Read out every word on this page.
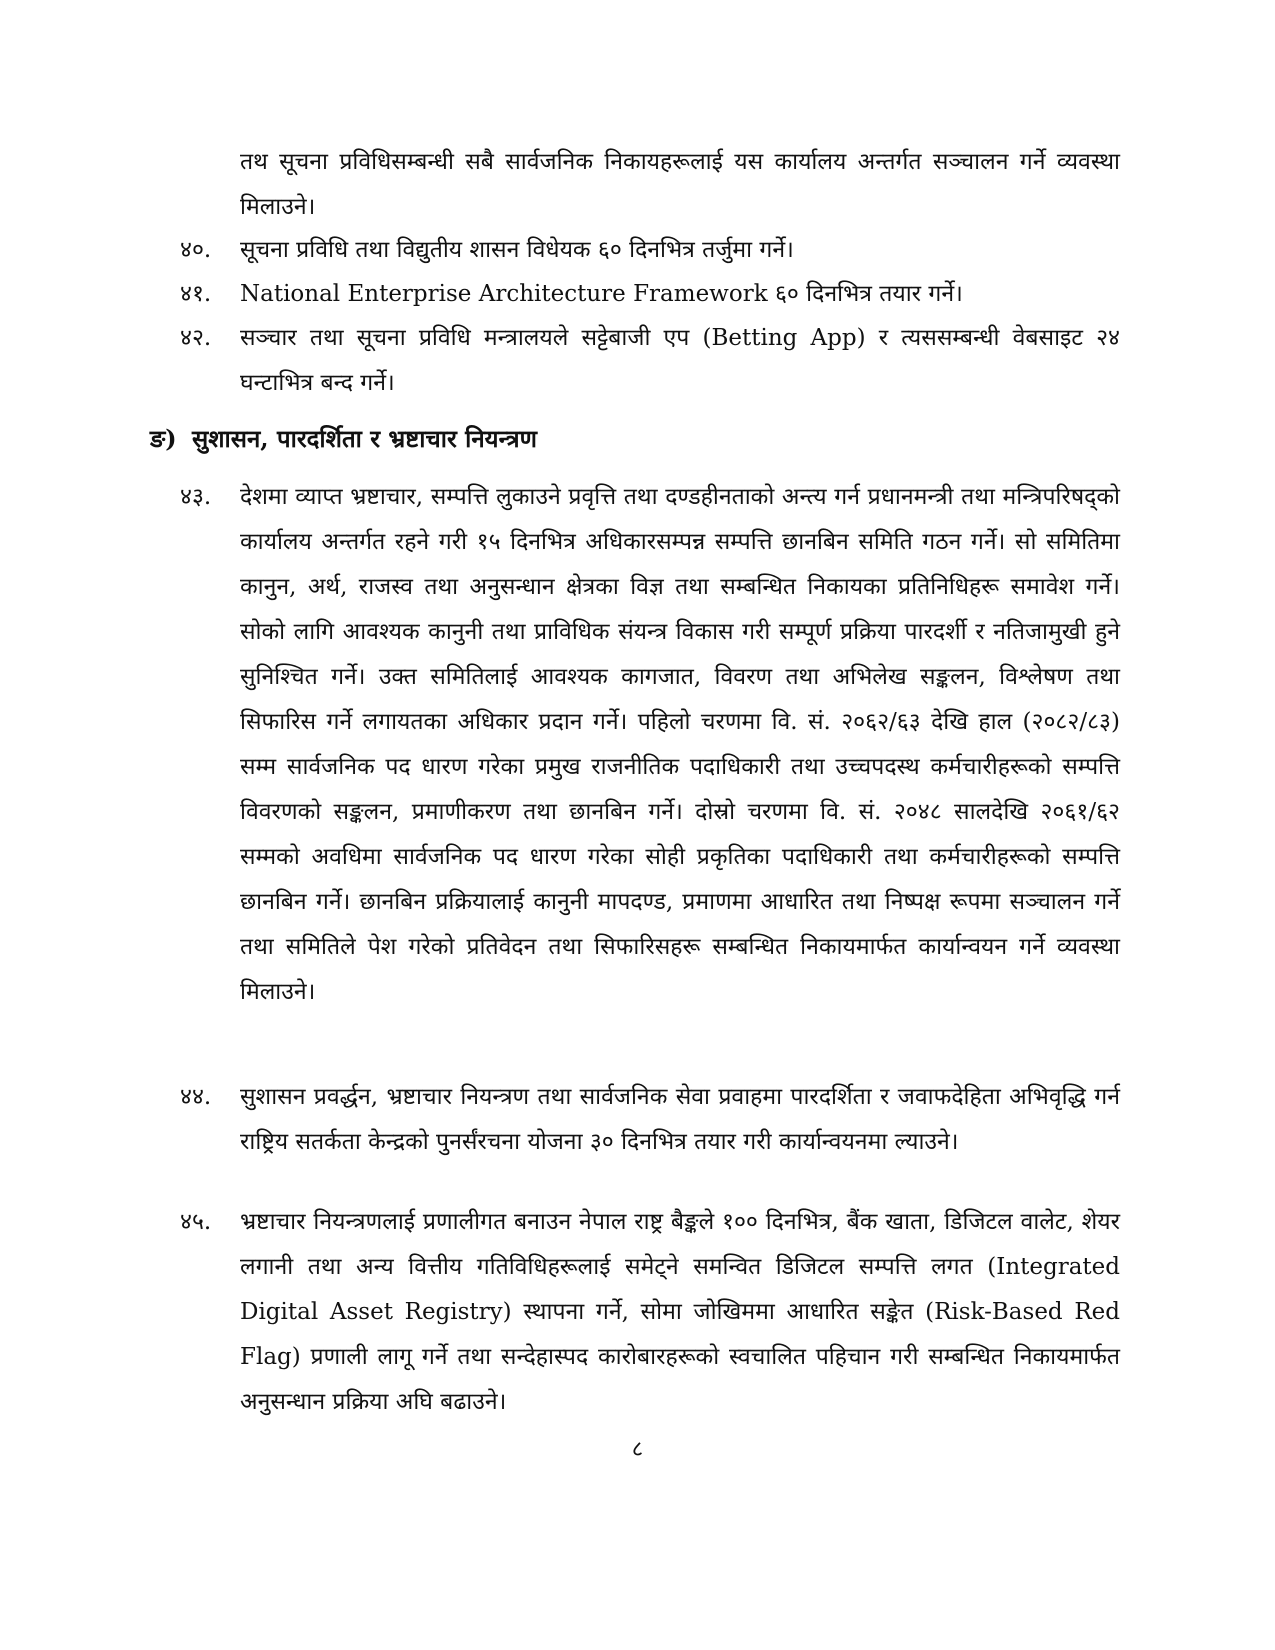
तथ सूचना प्रविधिसम्बन्धी सबै सार्वजनिक निकायहरूलाई यस कार्यालय अन्तर्गत सञ्चालन गर्ने व्यवस्था मिलाउने।
४०.	सूचना प्रविधि तथा विद्युतीय शासन विधेयक ६० दिनभित्र तर्जुमा गर्ने।
४१.	National Enterprise Architecture Framework ६० दिनभित्र तयार गर्ने।
४२.	सञ्चार तथा सूचना प्रविधि मन्त्रालयले सट्टेबाजी एप (Betting App) र त्यससम्बन्धी वेबसाइट २४ घन्टाभित्र बन्द गर्ने।
ङ) सुशासन, पारदर्शिता र भ्रष्टाचार नियन्त्रण
४३.	देशमा व्याप्त भ्रष्टाचार, सम्पत्ति लुकाउने प्रवृत्ति तथा दण्डहीनताको अन्त्य गर्न प्रधानमन्त्री तथा मन्त्रिपरिषद्को कार्यालय अन्तर्गत रहने गरी १५ दिनभित्र अधिकारसम्पन्न सम्पत्ति छानबिन समिति गठन गर्ने। सो समितिमा कानुन, अर्थ, राजस्व तथा अनुसन्धान क्षेत्रका विज्ञ तथा सम्बन्धित निकायका प्रतिनिधिहरू समावेश गर्ने। सोको लागि आवश्यक कानुनी तथा प्राविधिक संयन्त्र विकास गरी सम्पूर्ण प्रक्रिया पारदर्शी र नतिजामुखी हुने सुनिश्चित गर्ने। उक्त समितिलाई आवश्यक कागजात, विवरण तथा अभिलेख सङ्कलन, विश्लेषण तथा सिफारिस गर्ने लगायतका अधिकार प्रदान गर्ने। पहिलो चरणमा वि. सं. २०६२/६३ देखि हाल (२०८२/८३) सम्म सार्वजनिक पद धारण गरेका प्रमुख राजनीतिक पदाधिकारी तथा उच्चपदस्थ कर्मचारीहरूको सम्पत्ति विवरणको सङ्कलन, प्रमाणीकरण तथा छानबिन गर्ने। दोस्रो चरणमा वि. सं. २०४८ सालदेखि २०६१/६२ सम्मको अवधिमा सार्वजनिक पद धारण गरेका सोही प्रकृतिका पदाधिकारी तथा कर्मचारीहरूको सम्पत्ति छानबिन गर्ने। छानबिन प्रक्रियालाई कानुनी मापदण्ड, प्रमाणमा आधारित तथा निष्पक्ष रूपमा सञ्चालन गर्ने तथा समितिले पेश गरेको प्रतिवेदन तथा सिफारिसहरू सम्बन्धित निकायमार्फत कार्यान्वयन गर्ने व्यवस्था मिलाउने।
४४.	सुशासन प्रवर्द्धन, भ्रष्टाचार नियन्त्रण तथा सार्वजनिक सेवा प्रवाहमा पारदर्शिता र जवाफदेहिता अभिवृद्धि गर्न राष्ट्रिय सतर्कता केन्द्रको पुनर्संरचना योजना ३० दिनभित्र तयार गरी कार्यान्वयनमा ल्याउने।
४५.	भ्रष्टाचार नियन्त्रणलाई प्रणालीगत बनाउन नेपाल राष्ट्र बैङ्कले १०० दिनभित्र, बैंक खाता, डिजिटल वालेट, शेयर लगानी तथा अन्य वित्तीय गतिविधिहरूलाई समेट्ने समन्वित डिजिटल सम्पत्ति लगत (Integrated Digital Asset Registry) स्थापना गर्ने, सोमा जोखिममा आधारित सङ्केत (Risk-Based Red Flag) प्रणाली लागू गर्ने तथा सन्देहास्पद कारोबारहरूको स्वचालित पहिचान गरी सम्बन्धित निकायमार्फत अनुसन्धान प्रक्रिया अघि बढाउने।
८
